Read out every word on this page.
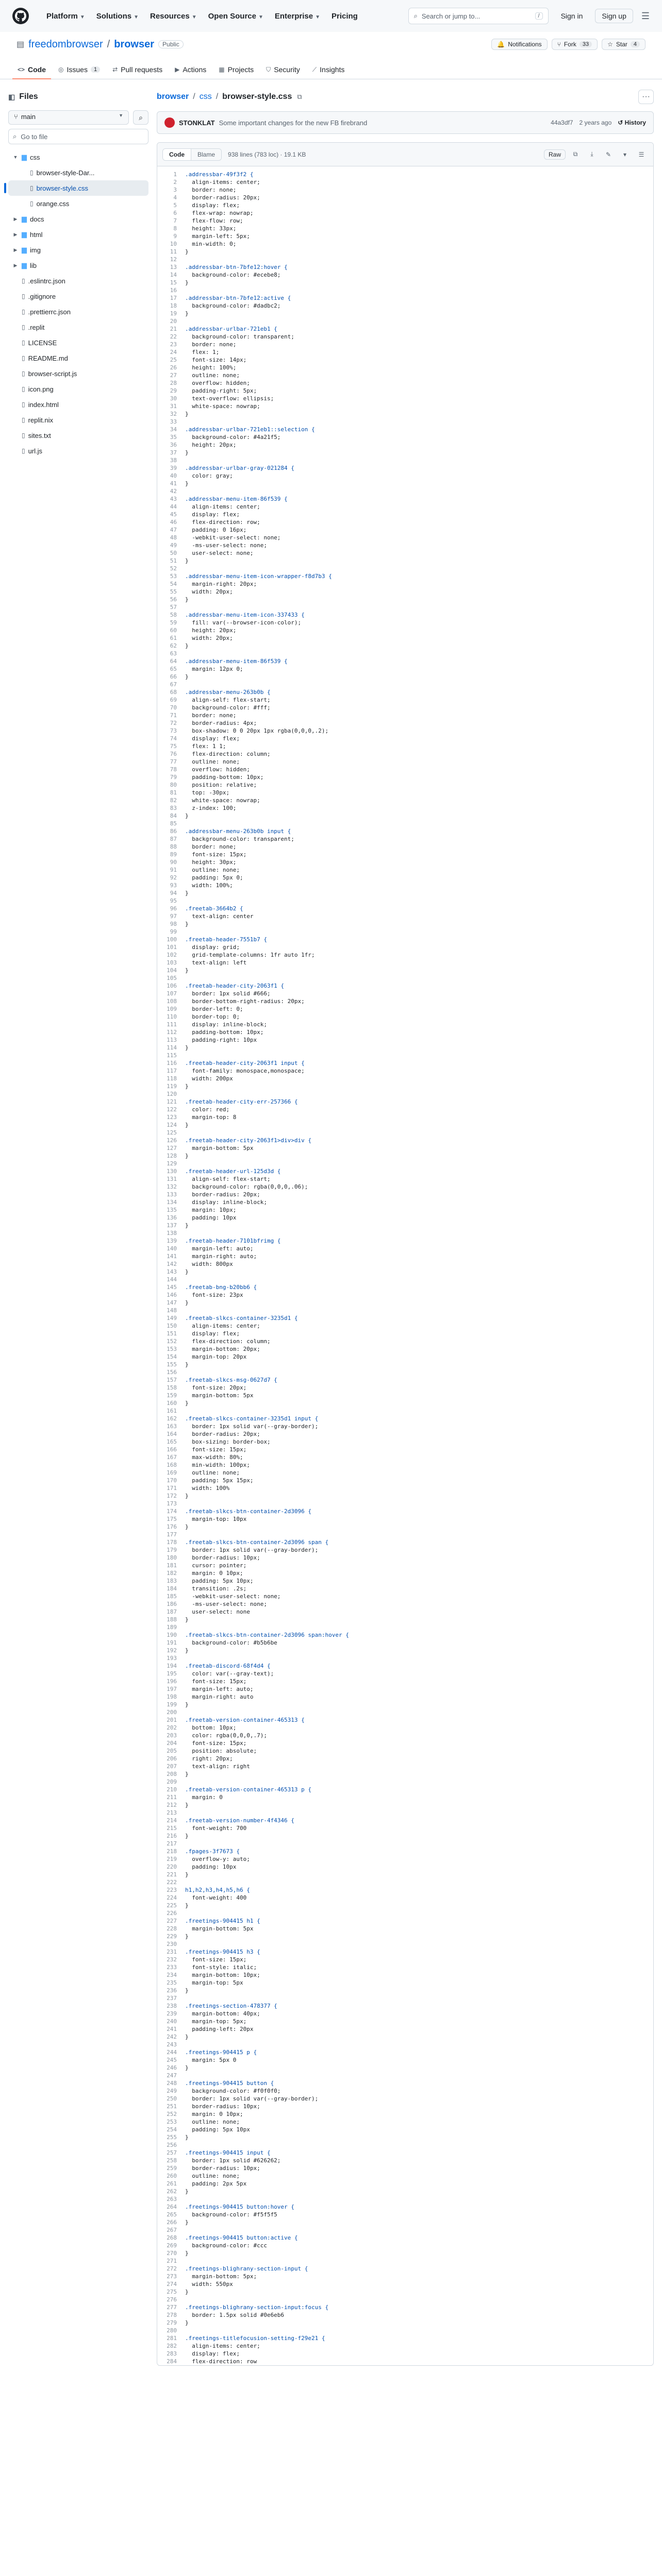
Platform ▼ Solutions ▼ Resources ▼ Open Source ▼ Enterprise ▼ Pricing	⌕ Search or jump to...	/	Sign in	Sign up	☰
▤ freedombrowser / browser	Public	🔔 Notifications	⑂ Fork	33	☆ Star	4
<> Code ◎ Issues	1	⇄ Pull requests ▶ Actions ▦ Projects ⛉ Security ⟋ Insights
◧ Files
⑂ main	▼ ⌕
⌕ Go to file
▼ ▆ css
▯ browser-style-Dar...
▯ browser-style.css
▯ orange.css
▶ ▆ docs
▶ ▆ html
▶ ▆ img
▶ ▆ lib
▯ .eslintrc.json
▯ .gitignore
▯ .prettierrc.json
▯ .replit
▯ LICENSE
▯ README.md
▯ browser-script.js
▯ icon.png
▯ index.html
▯ replit.nix
▯ sites.txt
▯ url.js
browser / css / browser-style.css ⧉	···
STONKLAT Some important changes for the new FB firebrand	44a3df7 2 years ago ↺ History
Code	Blame	938 lines (783 loc) · 19.1 KB	Raw	⧉	⤓	✎	▾	☰
1	.addressbar-49f3f2 {
2	align-items: center;
3	border: none;
4	border-radius: 20px;
5	display: flex;
6	flex-wrap: nowrap;
7	flex-flow: row;
8	height: 33px;
9	margin-left: 5px;
10	min-width: 0;
11	}
12
13	.addressbar-btn-7bfe12:hover {
14	background-color: #ecebe8;
15	}
16
17	.addressbar-btn-7bfe12:active {
18	background-color: #dadbc2;
19	}
20
21	.addressbar-urlbar-721eb1 {
22	background-color: transparent;
23	border: none;
24	flex: 1;
25	font-size: 14px;
26	height: 100%;
27	outline: none;
28	overflow: hidden;
29	padding-right: 5px;
30	text-overflow: ellipsis;
31	white-space: nowrap;
32	}
33
34	.addressbar-urlbar-721eb1::selection {
35	background-color: #4a21f5;
36	height: 20px;
37	}
38
39	.addressbar-urlbar-gray-021284 {
40	color: gray;
41	}
42
43	.addressbar-menu-item-86f539 {
44	align-items: center;
45	display: flex;
46	flex-direction: row;
47	padding: 0 16px;
48	-webkit-user-select: none;
49	-ms-user-select: none;
50	user-select: none;
51	}
52
53	.addressbar-menu-item-icon-wrapper-f8d7b3 {
54	margin-right: 20px;
55	width: 20px;
56	}
57
58	.addressbar-menu-item-icon-337433 {
59	fill: var(--browser-icon-color);
60	height: 20px;
61	width: 20px;
62	}
63
64	.addressbar-menu-item-86f539 {
65	margin: 12px 0;
66	}
67
68	.addressbar-menu-263b0b {
69	align-self: flex-start;
70	background-color: #fff;
71	border: none;
72	border-radius: 4px;
73	box-shadow: 0 0 20px 1px rgba(0,0,0,.2);
74	display: flex;
75	flex: 1 1;
76	flex-direction: column;
77	outline: none;
78	overflow: hidden;
79	padding-bottom: 10px;
80	position: relative;
81	top: -30px;
82	white-space: nowrap;
83	z-index: 100;
84	}
85
86	.addressbar-menu-263b0b input {
87	background-color: transparent;
88	border: none;
89	font-size: 15px;
90	height: 30px;
91	outline: none;
92	padding: 5px 0;
93	width: 100%;
94	}
95
96	.freetab-3664b2 {
97	text-align: center
98	}
99
100	.freetab-header-7551b7 {
101	display: grid;
102	grid-template-columns: 1fr auto 1fr;
103	text-align: left
104	}
105
106	.freetab-header-city-2063f1 {
107	border: 1px solid #666;
108	border-bottom-right-radius: 20px;
109	border-left: 0;
110	border-top: 0;
111	display: inline-block;
112	padding-bottom: 10px;
113	padding-right: 10px
114	}
115
116	.freetab-header-city-2063f1 input {
117	font-family: monospace,monospace;
118	width: 200px
119	}
120
121	.freetab-header-city-err-257366 {
122	color: red;
123	margin-top: 8
124	}
125
126	.freetab-header-city-2063f1>div>div {
127	margin-bottom: 5px
128	}
129
130	.freetab-header-url-125d3d {
131	align-self: flex-start;
132	background-color: rgba(0,0,0,.06);
133	border-radius: 20px;
134	display: inline-block;
135	margin: 10px;
136	padding: 10px
137	}
138
139	.freetab-header-7101bfrimg {
140	margin-left: auto;
141	margin-right: auto;
142	width: 800px
143	}
144
145	.freetab-bng-b20bb6 {
146	font-size: 23px
147	}
148
149	.freetab-slkcs-container-3235d1 {
150	align-items: center;
151	display: flex;
152	flex-direction: column;
153	margin-bottom: 20px;
154	margin-top: 20px
155	}
156
157	.freetab-slkcs-msg-0627d7 {
158	font-size: 20px;
159	margin-bottom: 5px
160	}
161
162	.freetab-slkcs-container-3235d1 input {
163	border: 1px solid var(--gray-border);
164	border-radius: 20px;
165	box-sizing: border-box;
166	font-size: 15px;
167	max-width: 80%;
168	min-width: 100px;
169	outline: none;
170	padding: 5px 15px;
171	width: 100%
172	}
173
174	.freetab-slkcs-btn-container-2d3096 {
175	margin-top: 10px
176	}
177
178	.freetab-slkcs-btn-container-2d3096 span {
179	border: 1px solid var(--gray-border);
180	border-radius: 10px;
181	cursor: pointer;
182	margin: 0 10px;
183	padding: 5px 10px;
184	transition: .2s;
185	-webkit-user-select: none;
186	-ms-user-select: none;
187	user-select: none
188	}
189
190	.freetab-slkcs-btn-container-2d3096 span:hover {
191	background-color: #b5b6be
192	}
193
194	.freetab-discord-68f4d4 {
195	color: var(--gray-text);
196	font-size: 15px;
197	margin-left: auto;
198	margin-right: auto
199	}
200
201	.freetab-version-container-465313 {
202	bottom: 10px;
203	color: rgba(0,0,0,.7);
204	font-size: 15px;
205	position: absolute;
206	right: 20px;
207	text-align: right
208	}
209
210	.freetab-version-container-465313 p {
211	margin: 0
212	}
213
214	.freetab-version-number-4f4346 {
215	font-weight: 700
216	}
217
218	.fpages-3f7673 {
219	overflow-y: auto;
220	padding: 10px
221	}
222
223	h1,h2,h3,h4,h5,h6 {
224	font-weight: 400
225	}
226
227	.freetings-904415 h1 {
228	margin-bottom: 5px
229	}
230
231	.freetings-904415 h3 {
232	font-size: 15px;
233	font-style: italic;
234	margin-bottom: 10px;
235	margin-top: 5px
236	}
237
238	.freetings-section-478377 {
239	margin-bottom: 40px;
240	margin-top: 5px;
241	padding-left: 20px
242	}
243
244	.freetings-904415 p {
245	margin: 5px 0
246	}
247
248	.freetings-904415 button {
249	background-color: #f0f0f0;
250	border: 1px solid var(--gray-border);
251	border-radius: 10px;
252	margin: 0 10px;
253	outline: none;
254	padding: 5px 10px
255	}
256
257	.freetings-904415 input {
258	border: 1px solid #626262;
259	border-radius: 10px;
260	outline: none;
261	padding: 2px 5px
262	}
263
264	.freetings-904415 button:hover {
265	background-color: #f5f5f5
266	}
267
268	.freetings-904415 button:active {
269	background-color: #ccc
270	}
271
272	.freetings-blighrany-section-input {
273	margin-bottom: 5px;
274	width: 550px
275	}
276
277	.freetings-blighrany-section-input:focus {
278	border: 1.5px solid #0e6eb6
279	}
280
281	.freetings-titlefocusion-setting-f29e21 {
282	align-items: center;
283	display: flex;
284	flex-direction: row
